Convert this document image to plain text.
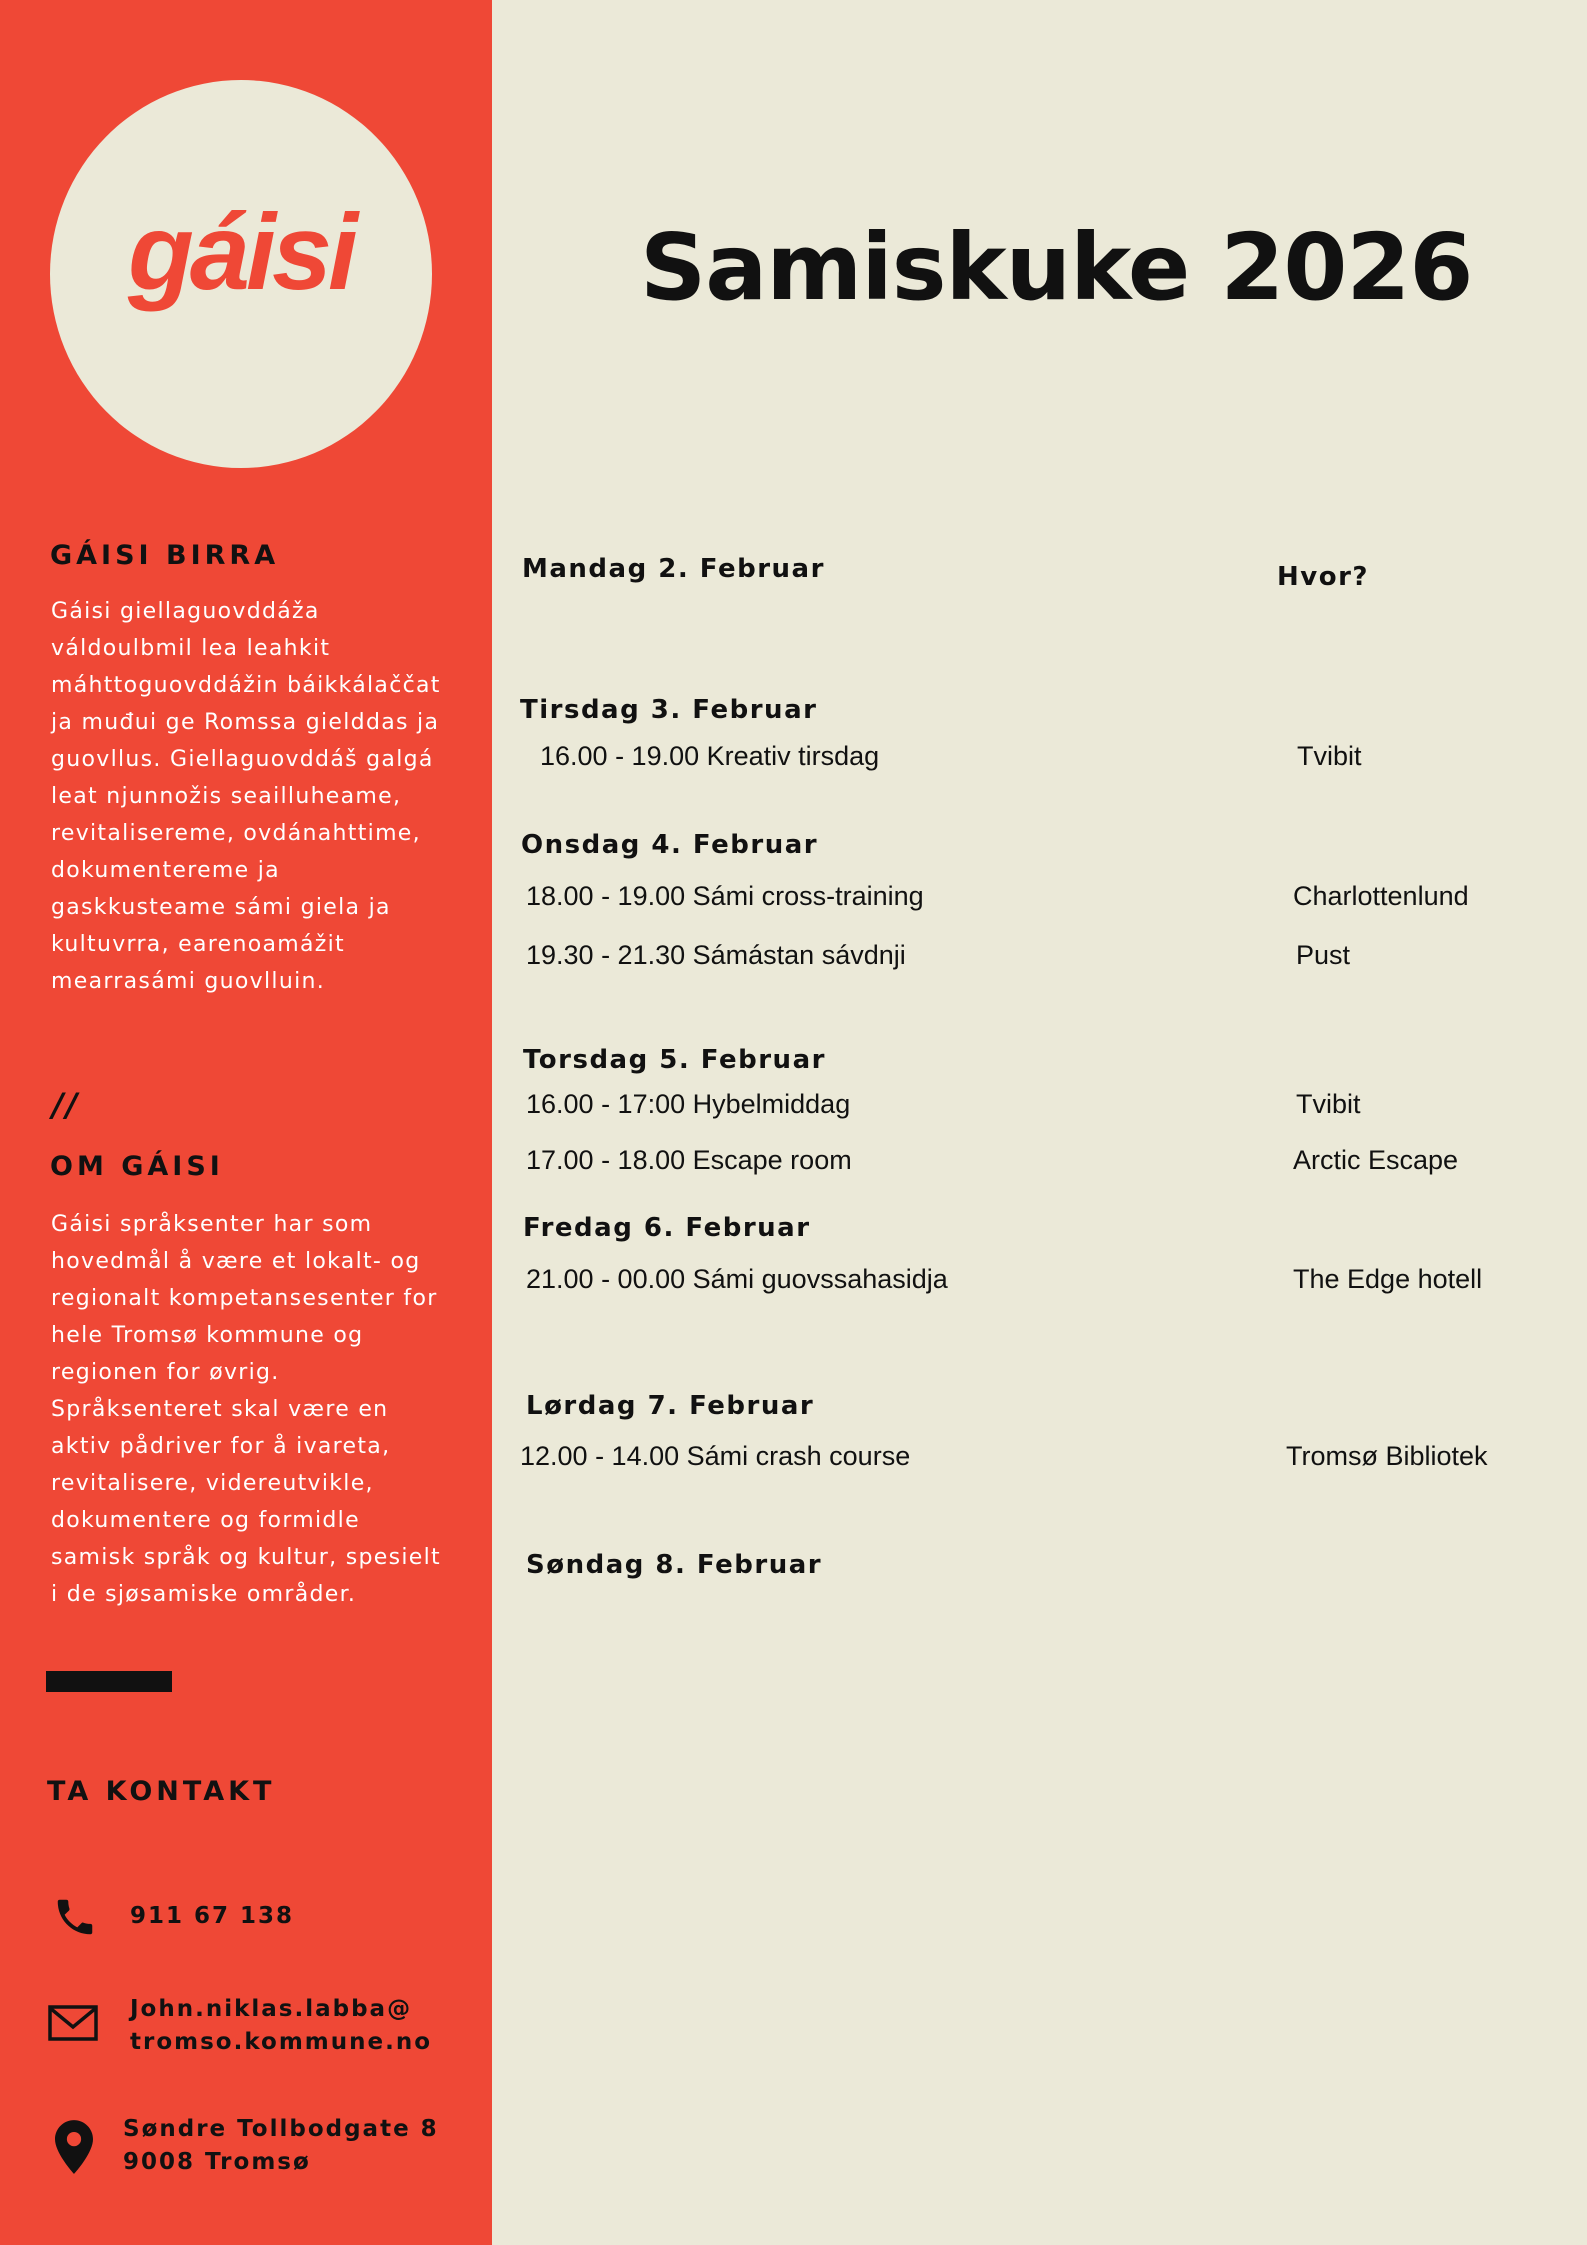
gáisi
GÁISI BIRRA

Gáisi giellaguovddáža váldoulbmil lea leahkit máhttoguovddážin báikkálaččat ja muđui ge Romssa gielddas ja guovllus. Giellaguovddáš galgá leat njunnožis seailluheame, revitalisereme, ovdánahttime, dokumentereme ja gaskkusteame sámi giela ja kultuvrra, earenoamážit mearrasámi guovlluin.

//
OM GÁISI

Gáisi språksenter har som hovedmål å være et lokalt- og regionalt kompetansesenter for hele Tromsø kommune og regionen for øvrig. Språksenteret skal være en aktiv pådriver for å ivareta, revitalisere, videreutvikle, dokumentere og formidle samisk språk og kultur, spesielt i de sjøsamiske områder.

TA KONTAKT

911 67 138

John.niklas.labba@

tromso.kommune.no

Søndre Tollbodgate 8

9008 Tromsø

Samiskuke 2026
Hvor?
Mandag 2. Februar
Tirsdag 3. Februar
16.00 - 19.00 Kreativ tirsdag	Tvibit
Onsdag 4. Februar
18.00 - 19.00 Sámi cross-training	Charlottenlund
19.30 - 21.30 Sámástan sávdnji	Pust
Torsdag 5. Februar
16.00 - 17:00 Hybelmiddag	Tvibit
17.00 - 18.00 Escape room	Arctic Escape
Fredag 6. Februar
21.00 - 00.00 Sámi guovssahasidja	The Edge hotell
Lørdag 7. Februar
12.00 - 14.00 Sámi crash course	Tromsø Bibliotek
Søndag 8. Februar
